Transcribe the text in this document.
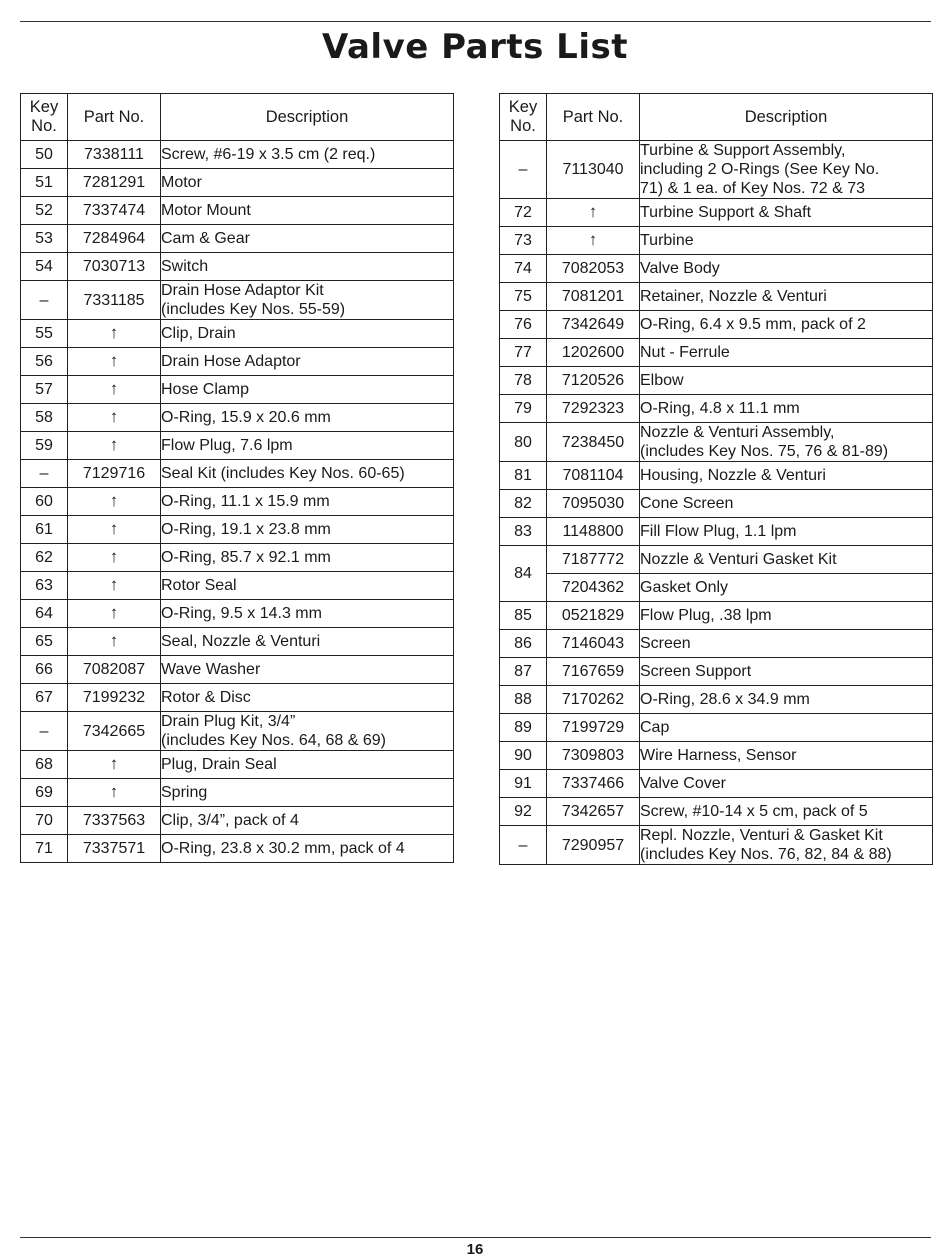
Valve Parts List
Key
No.	Part No.	Description
50	7338111	Screw, #6-19 x 3.5 cm (2 req.)
51	7281291	Motor
52	7337474	Motor Mount
53	7284964	Cam & Gear
54	7030713	Switch
–	7331185	Drain Hose Adaptor Kit
(includes Key Nos. 55-59)

55	↑	Clip, Drain
56	↑	Drain Hose Adaptor
57	↑	Hose Clamp
58	↑	O-Ring, 15.9 x 20.6 mm
59	↑	Flow Plug, 7.6 lpm
–	7129716	Seal Kit (includes Key Nos. 60-65)
60	↑	O-Ring, 11.1 x 15.9 mm
61	↑	O-Ring, 19.1 x 23.8 mm
62	↑	O-Ring, 85.7 x 92.1 mm
63	↑	Rotor Seal
64	↑	O-Ring, 9.5 x 14.3 mm
65	↑	Seal, Nozzle & Venturi
66	7082087	Wave Washer
67	7199232	Rotor & Disc
–	7342665	Drain Plug Kit, 3/4”
(includes Key Nos. 64, 68 & 69)

68	↑	Plug, Drain Seal
69	↑	Spring
70	7337563	Clip, 3/4”, pack of 4
71	7337571	O-Ring, 23.8 x 30.2 mm, pack of 4
Key
No.	Part No.	Description
–	7113040	Turbine & Support Assembly,
including 2 O-Rings (See Key No.
71) & 1 ea. of Key Nos. 72 & 73

72	↑	Turbine Support & Shaft
73	↑	Turbine
74	7082053	Valve Body
75	7081201	Retainer, Nozzle & Venturi
76	7342649	O-Ring, 6.4 x 9.5 mm, pack of 2
77	1202600	Nut - Ferrule
78	7120526	Elbow
79	7292323	O-Ring, 4.8 x 11.1 mm
80	7238450	Nozzle & Venturi Assembly,
(includes Key Nos. 75, 76 & 81-89)

81	7081104	Housing, Nozzle & Venturi
82	7095030	Cone Screen
83	1148800	Fill Flow Plug, 1.1 lpm
84	7187772	Nozzle & Venturi Gasket Kit
	7204362	Gasket Only
85	0521829	Flow Plug, .38 lpm
86	7146043	Screen
87	7167659	Screen Support
88	7170262	O-Ring, 28.6 x 34.9 mm
89	7199729	Cap
90	7309803	Wire Harness, Sensor
91	7337466	Valve Cover
92	7342657	Screw, #10-14 x 5 cm, pack of 5
–	7290957	Repl. Nozzle, Venturi & Gasket Kit
(includes Key Nos. 76, 82, 84 & 88)
16
